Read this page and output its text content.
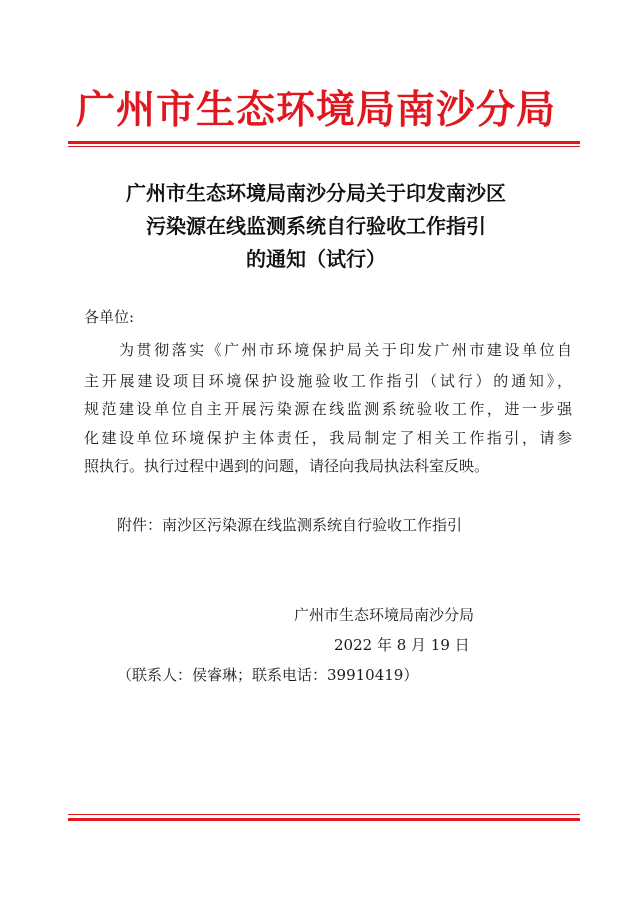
广州市生态环境局南沙分局
广州市生态环境局南沙分局关于印发南沙区
污染源在线监测系统自行验收工作指引
的通知（试行）
各单位:
　　为贯彻落实《广州市环境保护局关于印发广州市建设单位自
主开展建设项目环境保护设施验收工作指引（试行）的通知》，
规范建设单位自主开展污染源在线监测系统验收工作，进一步强
化建设单位环境保护主体责任，我局制定了相关工作指引，请参
照执行。执行过程中遇到的问题，请径向我局执法科室反映。
附件：南沙区污染源在线监测系统自行验收工作指引
广州市生态环境局南沙分局
2022 年 8 月 19 日
（联系人：侯睿琳；联系电话：39910419）
